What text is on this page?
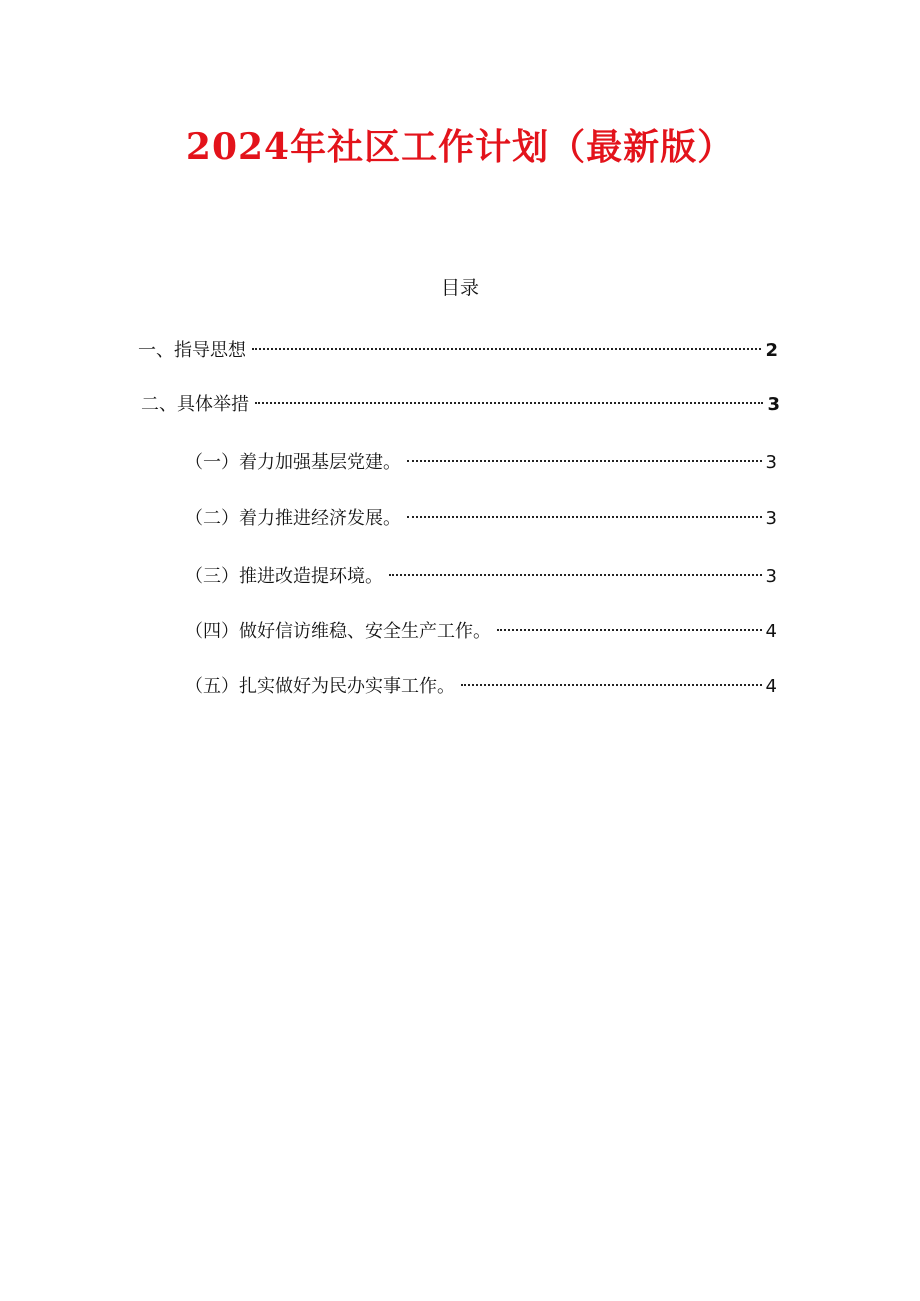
2024年社区工作计划（最新版）
目录
一、指导思想	2
二、具体举措	3
（一）着力加强基层党建。	3
（二）着力推进经济发展。	3
（三）推进改造提环境。	3
（四）做好信访维稳、安全生产工作。	4
（五）扎实做好为民办实事工作。	4
